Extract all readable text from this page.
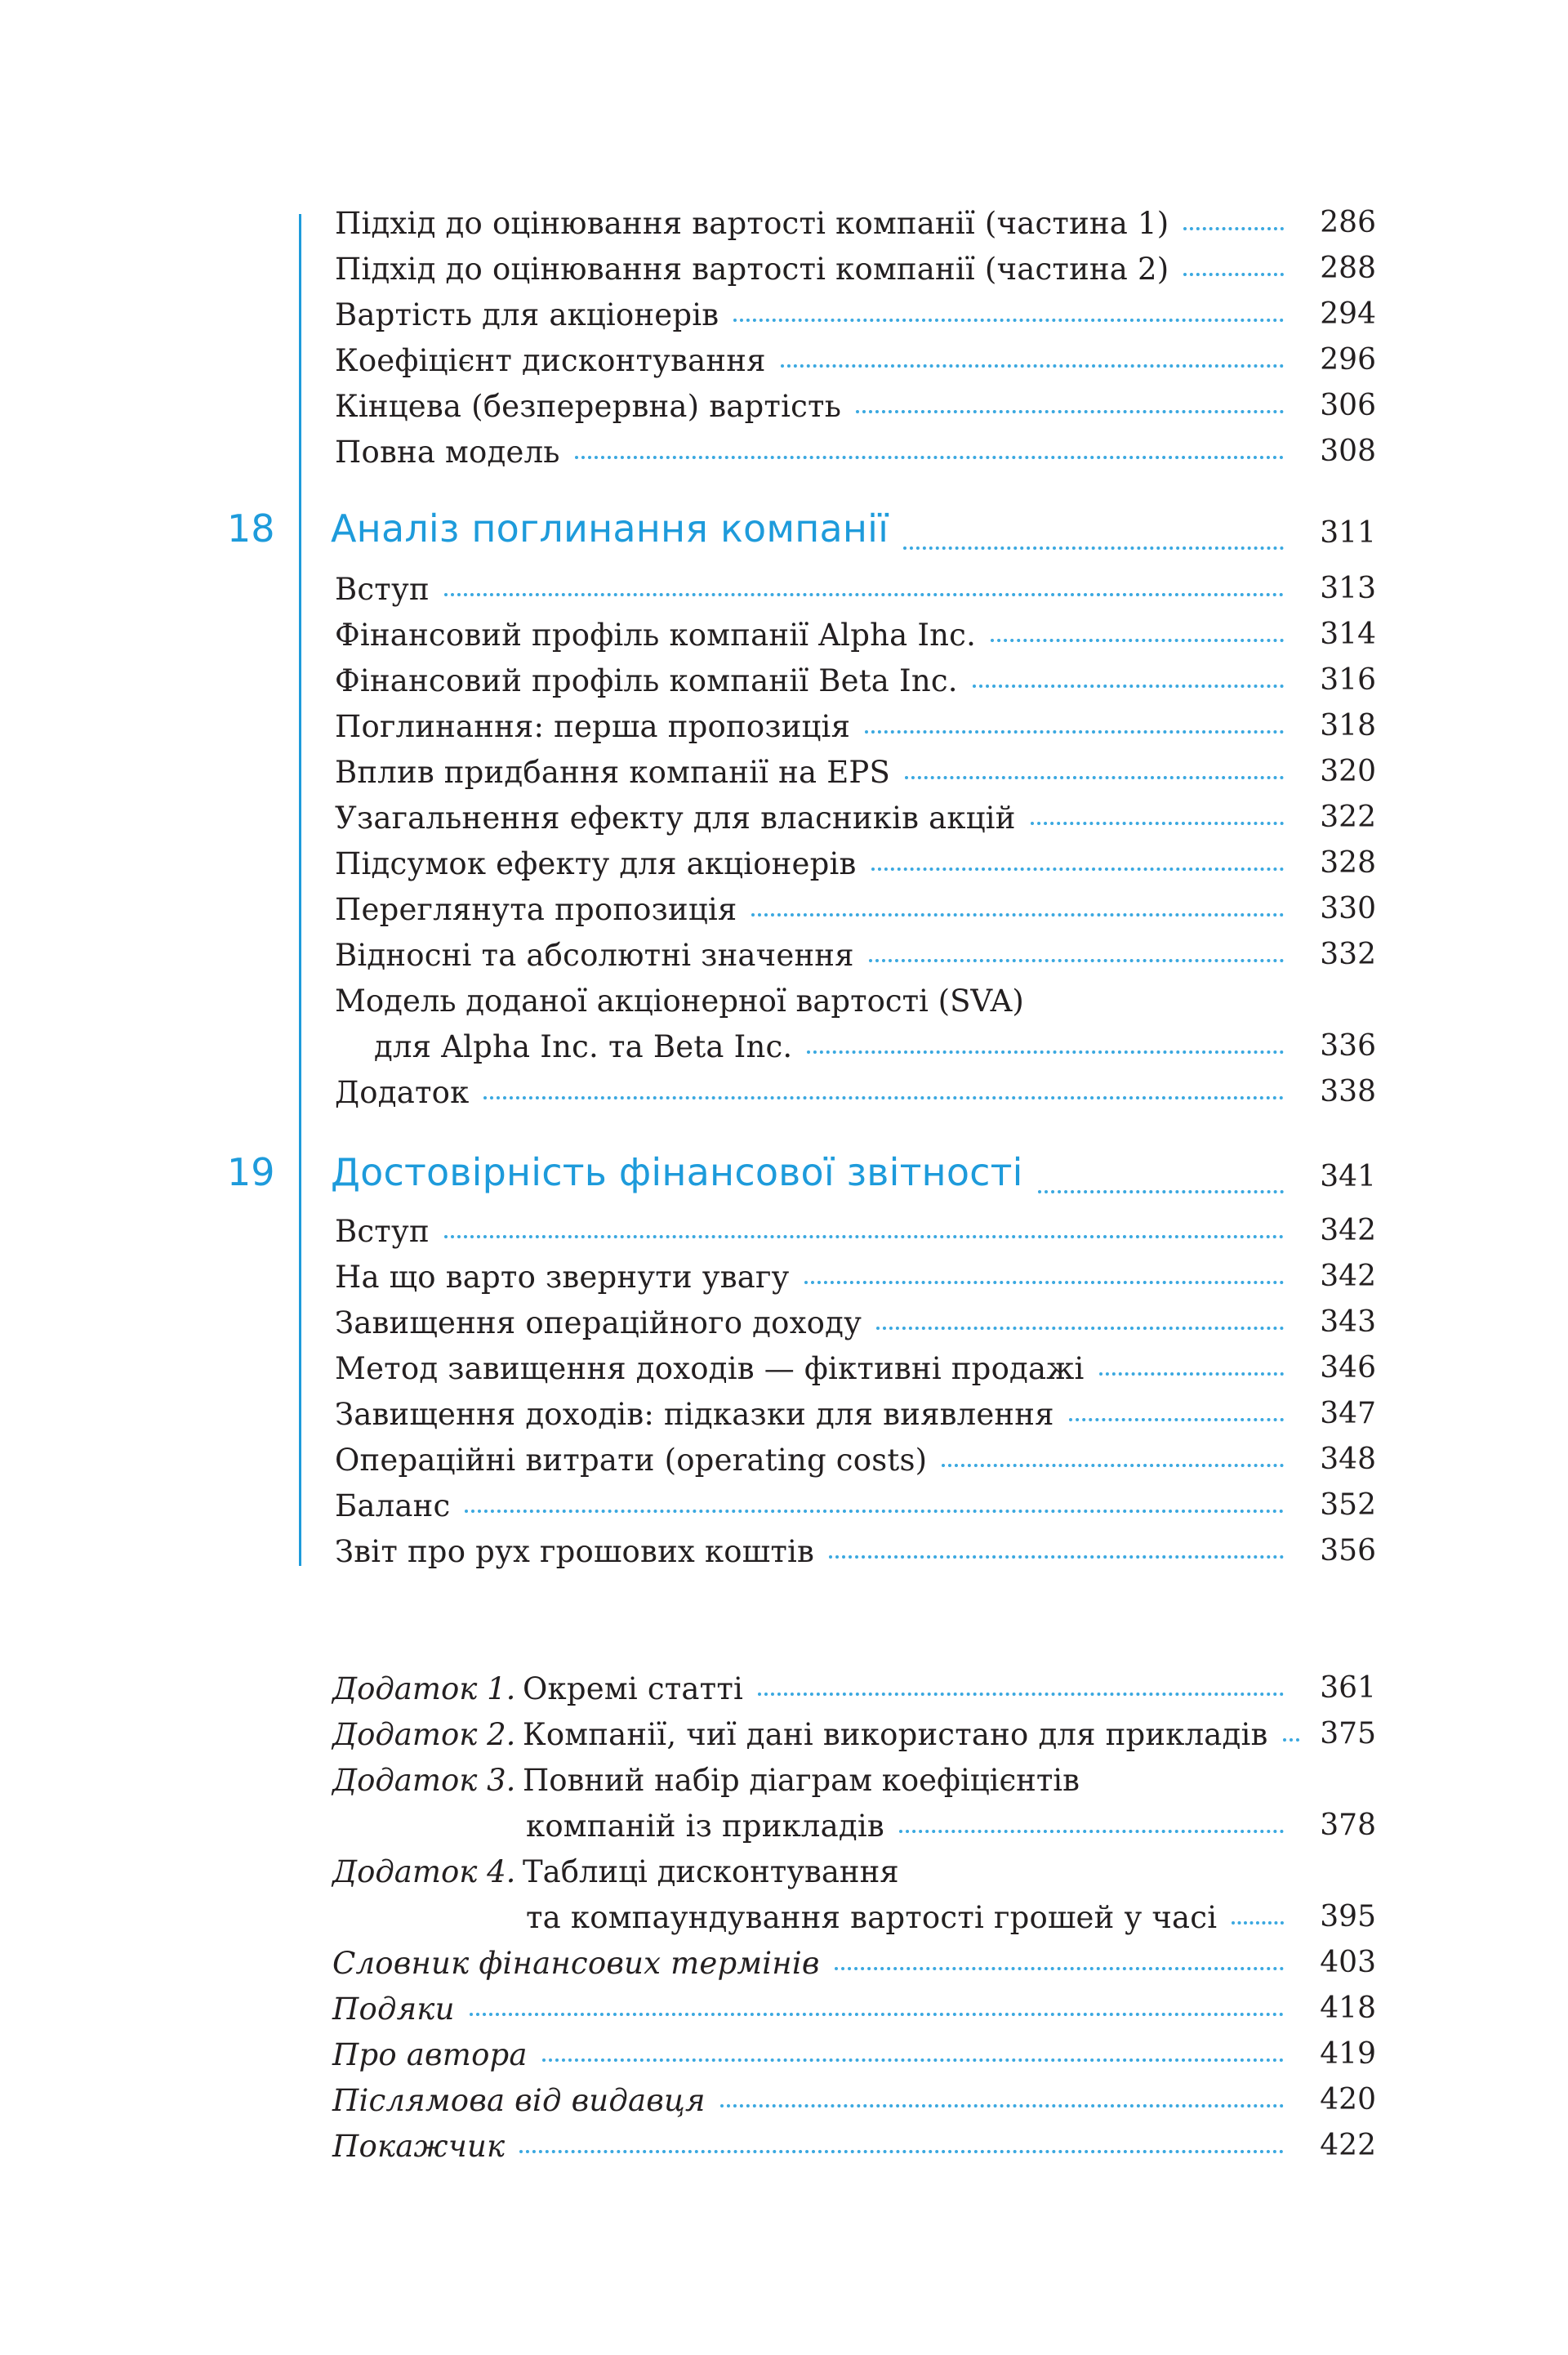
Підхід до оцінювання вартості компанії (частина 1)	286
Підхід до оцінювання вартості компанії (частина 2)	288
Вартість для акціонерів	294
Коефіцієнт дисконтування	296
Кінцева (безперервна) вартість	306
Повна модель	308
18 Аналіз поглинання компанії	311
Вступ	313
Фінансовий профіль компанії Alpha Inc.	314
Фінансовий профіль компанії Beta Inc.	316
Поглинання: перша пропозиція	318
Вплив придбання компанії на EPS	320
Узагальнення ефекту для власників акцій	322
Підсумок ефекту для акціонерів	328
Переглянута пропозиція	330
Відносні та абсолютні значення	332
Модель доданої акціонерної вартості (SVA)
для Alpha Inc. та Beta Inc.	336
Додаток	338
19 Достовірність фінансової звітності	341
Вступ	342
На що варто звернути увагу	342
Завищення операційного доходу	343
Метод завищення доходів — фіктивні продажі	346
Завищення доходів: підказки для виявлення	347
Операційні витрати (operating costs)	348
Баланс	352
Звіт про рух грошових коштів	356
Додаток 1. Окремі статті	361
Додаток 2. Компанії, чиї дані використано для прикладів	375
Додаток 3. Повний набір діаграм коефіцієнтів
компаній із прикладів	378
Додаток 4. Таблиці дисконтування
та компаундування вартості грошей у часі	395
Словник фінансових термінів	403
Подяки	418
Про автора	419
Післямова від видавця	420
Покажчик	422
